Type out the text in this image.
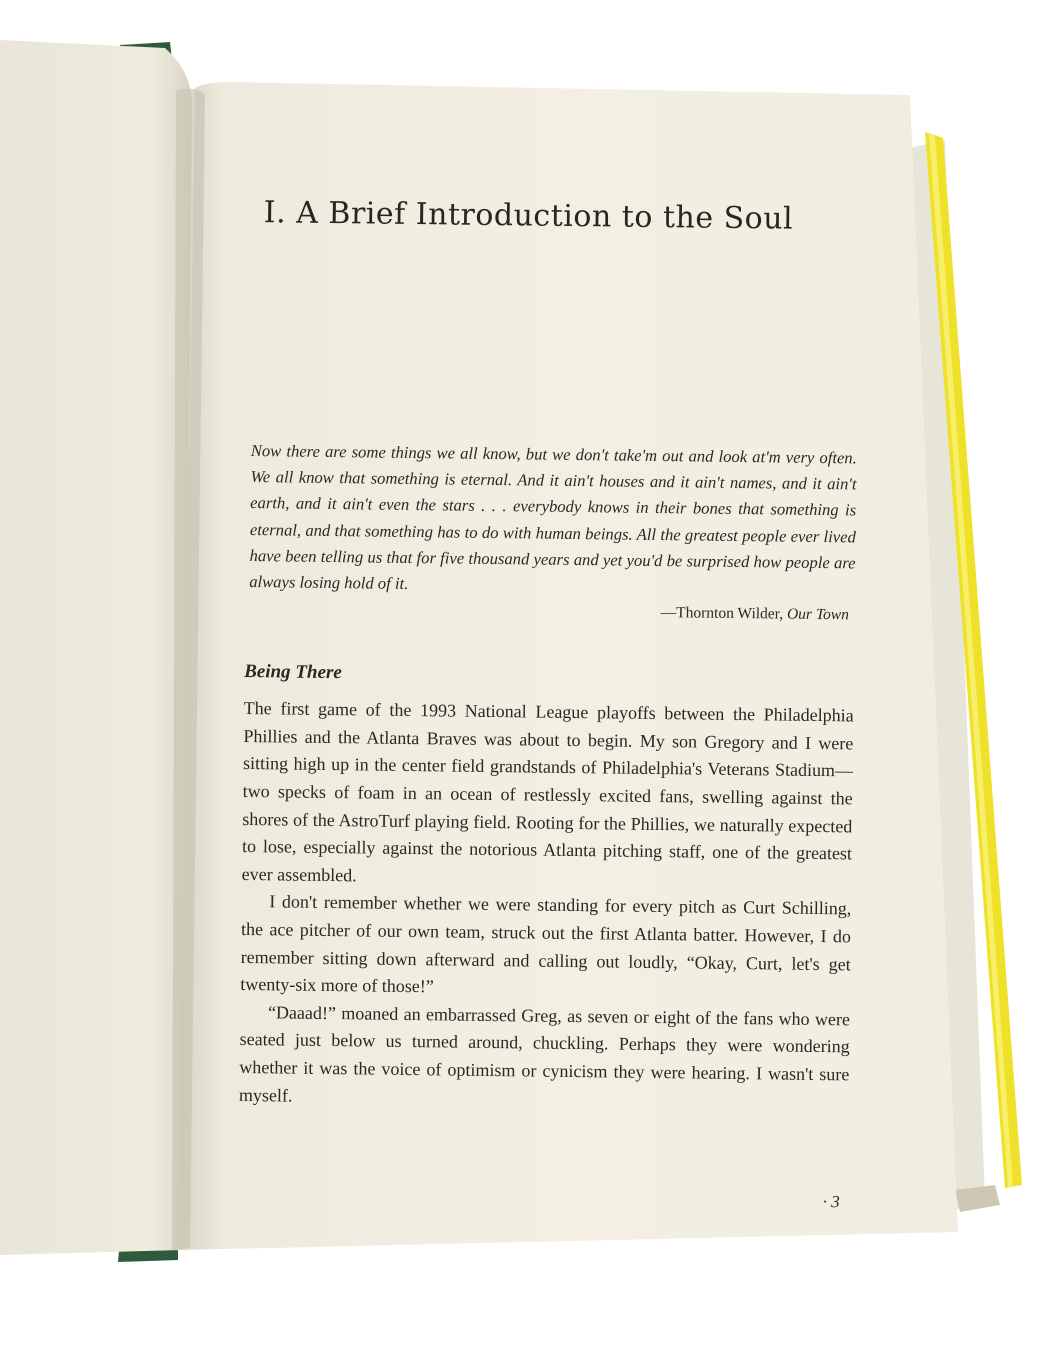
I. A Brief Introduction to the Soul
Now there are some things we all know, but we don't take'm out and look at'm very often. We all know that something is eternal. And it ain't houses and it ain't names, and it ain't earth, and it ain't even the stars . . . everybody knows in their bones that something is eternal, and that something has to do with human beings. All the greatest people ever lived have been telling us that for five thousand years and yet you'd be surprised how people are always losing hold of it.
—Thornton Wilder, Our Town
Being There

The first game of the 1993 National League playoffs between the Philadelphia Phillies and the Atlanta Braves was about to begin. My son Gregory and I were sitting high up in the center field grandstands of Philadelphia's Veterans Stadium—two specks of foam in an ocean of restlessly excited fans, swelling against the shores of the AstroTurf playing field. Rooting for the Phillies, we naturally expected to lose, especially against the notorious Atlanta pitching staff, one of the greatest ever assembled.

I don't remember whether we were standing for every pitch as Curt Schilling, the ace pitcher of our own team, struck out the first Atlanta batter. However, I do remember sitting down afterward and calling out loudly, “Okay, Curt, let's get twenty-six more of those!”

“Daaad!” moaned an embarrassed Greg, as seven or eight of the fans who were seated just below us turned around, chuckling. Perhaps they were wondering whether it was the voice of optimism or cynicism they were hearing. I wasn't sure myself.

· 3
